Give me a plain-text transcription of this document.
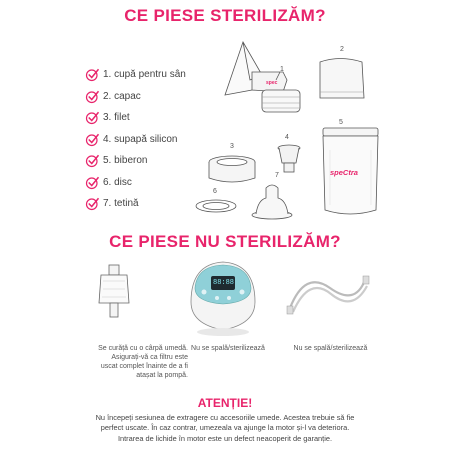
CE PIESE STERILIZĂM?
CE PIESE NU STERILIZĂM?
1. cupă pentru sân
2. capac
3. filet
4. supapă silicon
5. biberon
6. disc
7. tetină
spec
speCtra
1
2
3
4
5
6
7
88:88
Se curăță cu o cârpă umedă.
Asigurați-vă ca filtru este
uscat complet înainte de a fi
atașat la pompă.
Nu se spală/sterilizează	Nu se spală/sterilizează
ATENȚIE!
Nu începeți sesiunea de extragere cu accesoriile umede. Acestea trebuie să fie
perfect uscate. În caz contrar, umezeala va ajunge la motor și-l va deteriora.
Intrarea de lichide în motor este un defect neacoperit de garanție.
